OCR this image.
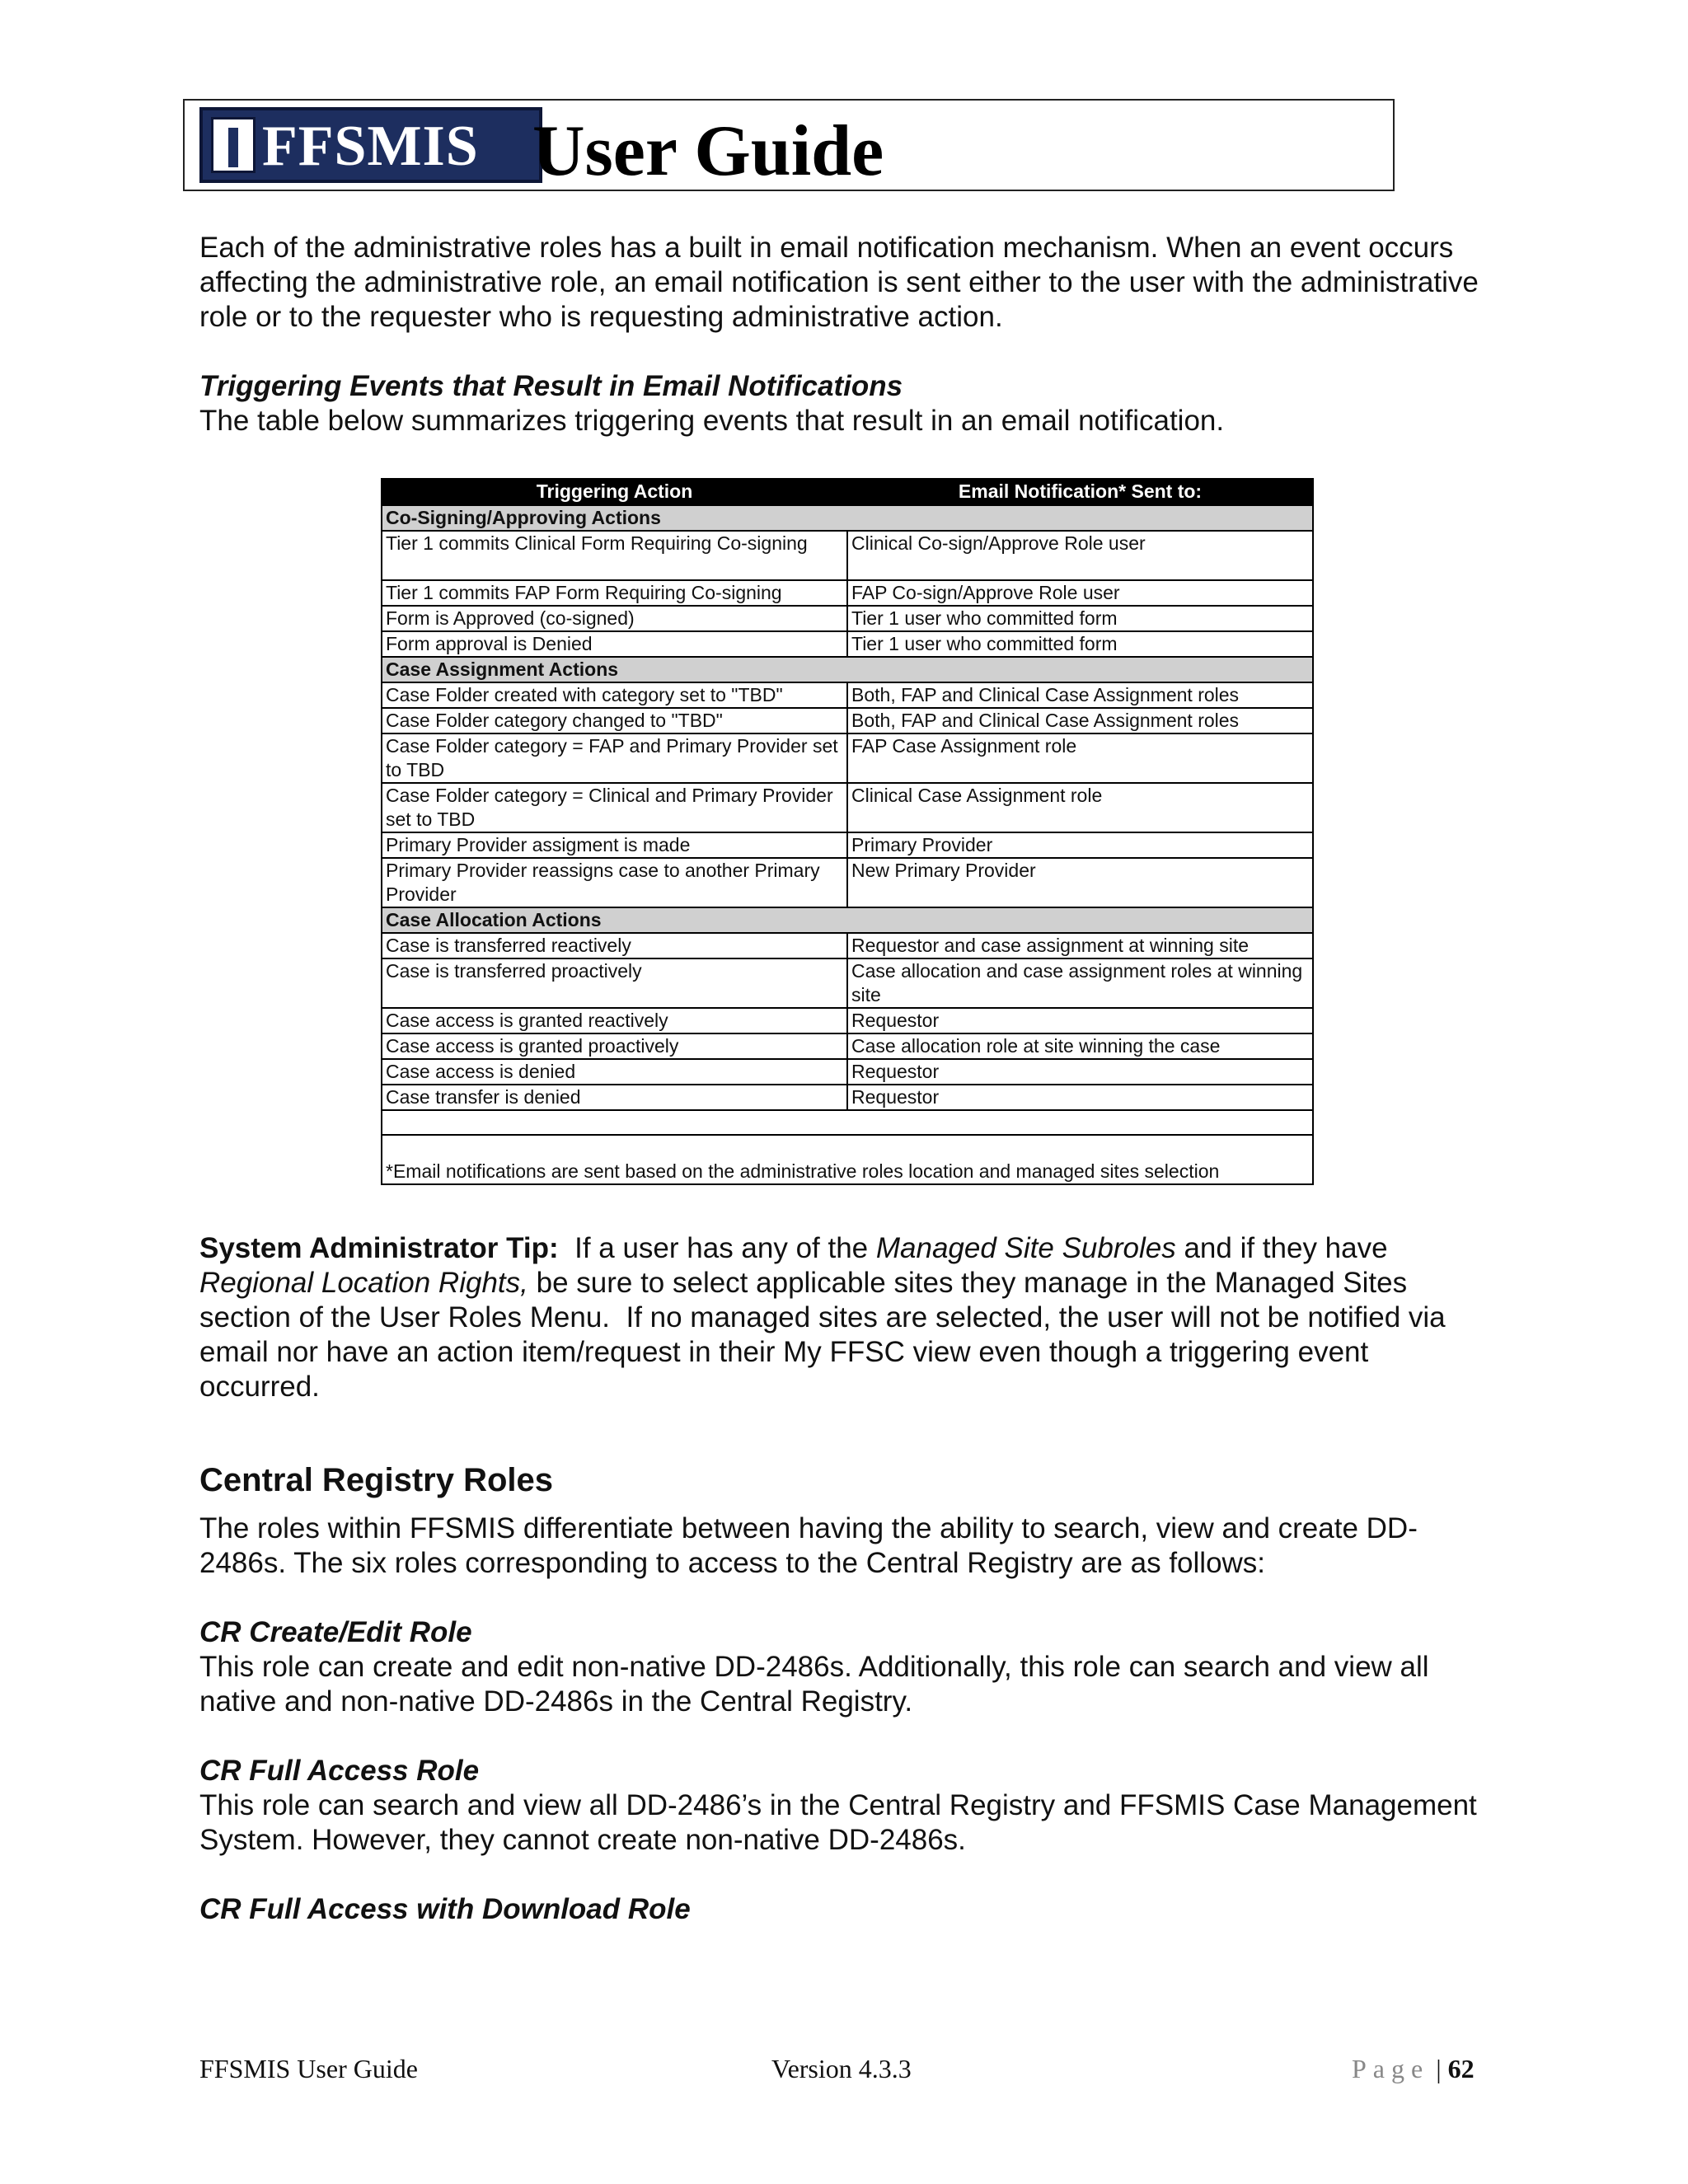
FFSMIS User Guide

Each of the administrative roles has a built in email notification mechanism. When an event occurs affecting the administrative role, an email notification is sent either to the user with the administrative role or to the requester who is requesting administrative action.

Triggering Events that Result in Email Notifications

The table below summarizes triggering events that result in an email notification.

Triggering Action	Email Notification* Sent to:
Co-Signing/Approving Actions	
Tier 1 commits Clinical Form Requiring Co-signing	Clinical Co-sign/Approve Role user
Tier 1 commits FAP Form Requiring Co-signing	FAP Co-sign/Approve Role user
Form is Approved (co-signed)	Tier 1 user who committed form
Form approval is Denied	Tier 1 user who committed form
Case Assignment Actions	
Case Folder created with category set to "TBD"	Both, FAP and Clinical Case Assignment roles
Case Folder category changed to "TBD"	Both, FAP and Clinical Case Assignment roles
Case Folder category = FAP and Primary Provider set to TBD	FAP Case Assignment role
Case Folder category = Clinical and Primary Provider set to TBD	Clinical Case Assignment role
Primary Provider assigment is made	Primary Provider
Primary Provider reassigns case to another Primary Provider	New Primary Provider
Case Allocation Actions	
Case is transferred reactively	Requestor and case assignment at winning site
Case is transferred proactively	Case allocation and case assignment roles at winning site
Case access is granted reactively	Requestor
Case access is granted proactively	Case allocation role at site winning the case
Case access is denied	Requestor
Case transfer is denied	Requestor

*Email notifications are sent based on the administrative roles location and managed sites selection	

System Administrator Tip:  If a user has any of the Managed Site Subroles and if they have Regional Location Rights, be sure to select applicable sites they manage in the Managed Sites section of the User Roles Menu.  If no managed sites are selected, the user will not be notified via email nor have an action item/request in their My FFSC view even though a triggering event occurred.

Central Registry Roles

The roles within FFSMIS differentiate between having the ability to search, view and create DD-2486s. The six roles corresponding to access to the Central Registry are as follows:

CR Create/Edit Role

This role can create and edit non-native DD-2486s. Additionally, this role can search and view all native and non-native DD-2486s in the Central Registry.

CR Full Access Role

This role can search and view all DD-2486’s in the Central Registry and FFSMIS Case Management System. However, they cannot create non-native DD-2486s.

CR Full Access with Download Role

FFSMIS User Guide	Version 4.3.3	Page | 62
